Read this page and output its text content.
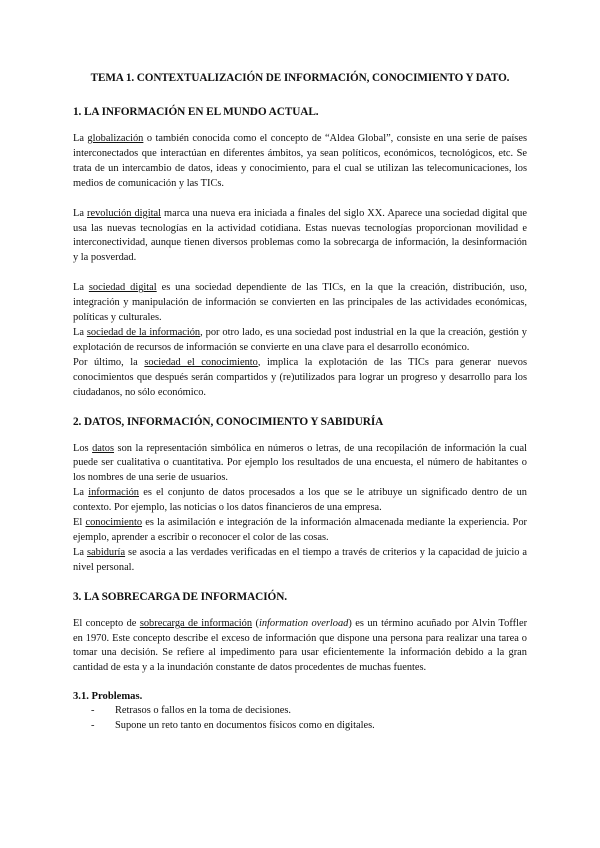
TEMA 1. CONTEXTUALIZACIÓN DE INFORMACIÓN, CONOCIMIENTO Y DATO.
1. LA INFORMACIÓN EN EL MUNDO ACTUAL.

La globalización o también conocida como el concepto de “Aldea Global”, consiste en una serie de países interconectados que interactúan en diferentes ámbitos, ya sean políticos, económicos, tecnológicos, etc. Se trata de un intercambio de datos, ideas y conocimiento, para el cual se utilizan las telecomunicaciones, los medios de comunicación y las TICs.

La revolución digital marca una nueva era iniciada a finales del siglo XX. Aparece una sociedad digital que usa las nuevas tecnologías en la actividad cotidiana. Estas nuevas tecnologías proporcionan movilidad e interconectividad, aunque tienen diversos problemas como la sobrecarga de información, la desinformación y la posverdad.

La sociedad digital es una sociedad dependiente de las TICs, en la que la creación, distribución, uso, integración y manipulación de información se convierten en las principales de las actividades económicas, políticas y culturales.

La sociedad de la información, por otro lado, es una sociedad post industrial en la que la creación, gestión y explotación de recursos de información se convierte en una clave para el desarrollo económico.

Por último, la sociedad el conocimiento, implica la explotación de las TICs para generar nuevos conocimientos que después serán compartidos y (re)utilizados para lograr un progreso y desarrollo para los ciudadanos, no sólo económico.

2. DATOS, INFORMACIÓN, CONOCIMIENTO Y SABIDURÍA

Los datos son la representación simbólica en números o letras, de una recopilación de información la cual puede ser cualitativa o cuantitativa. Por ejemplo los resultados de una encuesta, el número de habitantes o los nombres de una serie de usuarios.

La información es el conjunto de datos procesados a los que se le atribuye un significado dentro de un contexto. Por ejemplo, las noticias o los datos financieros de una empresa.

El conocimiento es la asimilación e integración de la información almacenada mediante la experiencia. Por ejemplo, aprender a escribir o reconocer el color de las cosas.

La sabiduría se asocia a las verdades verificadas en el tiempo a través de criterios y la capacidad de juicio a nivel personal.

3. LA SOBRECARGA DE INFORMACIÓN.

El concepto de sobrecarga de información (information overload) es un término acuñado por Alvin Toffler en 1970. Este concepto describe el exceso de información que dispone una persona para realizar una tarea o tomar una decisión. Se refiere al impedimento para usar eficientemente la información debido a la gran cantidad de esta y a la inundación constante de datos procedentes de muchas fuentes.

3.1. Problemas.
- Retrasos o fallos en la toma de decisiones.
- Supone un reto tanto en documentos físicos como en digitales.
